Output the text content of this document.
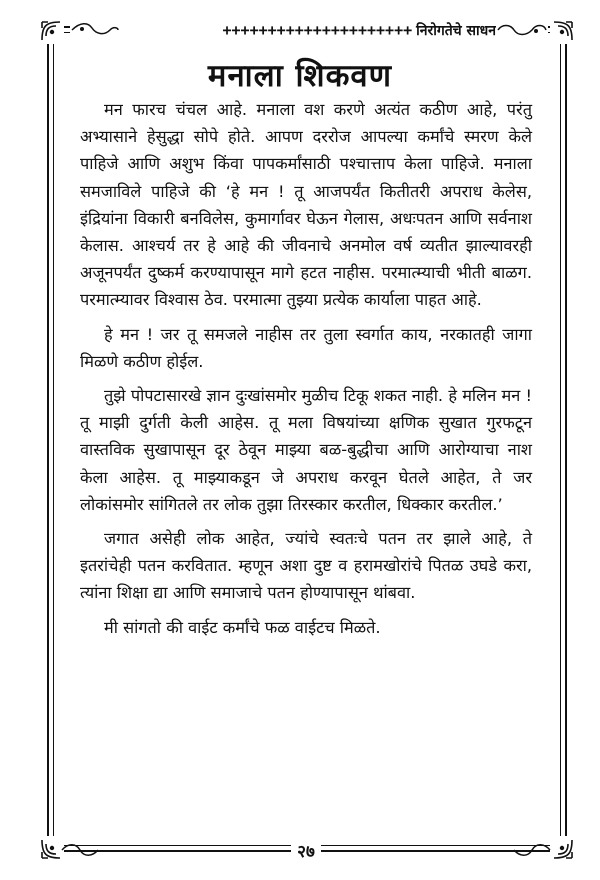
+++++++++++++++++++++ निरोगतेचे साधन
मनाला शिकवण

मन फारच चंचल आहे. मनाला वश करणे अत्यंत कठीण आहे, परंतु अभ्यासाने हेसुद्धा सोपे होते. आपण दररोज आपल्या कर्मांचे स्मरण केले पाहिजे आणि अशुभ किंवा पापकर्मांसाठी पश्चात्ताप केला पाहिजे. मनाला समजाविले पाहिजे की ‘हे मन ! तू आजपर्यंत कितीतरी अपराध केलेस, इंद्रियांना विकारी बनविलेस, कुमार्गावर घेऊन गेलास, अधःपतन आणि सर्वनाश केलास. आश्चर्य तर हे आहे की जीवनाचे अनमोल वर्ष व्यतीत झाल्यावरही अजूनपर्यंत दुष्कर्म करण्यापासून मागे हटत नाहीस. परमात्म्याची भीती बाळग. परमात्म्यावर विश्वास ठेव. परमात्मा तुझ्या प्रत्येक कार्याला पाहत आहे.

हे मन ! जर तू समजले नाहीस तर तुला स्वर्गात काय, नरकातही जागा मिळणे कठीण होईल.

तुझे पोपटासारखे ज्ञान दुःखांसमोर मुळीच टिकू शकत नाही. हे मलिन मन ! तू माझी दुर्गती केली आहेस. तू मला विषयांच्या क्षणिक सुखात गुरफटून वास्तविक सुखापासून दूर ठेवून माझ्या बळ-बुद्धीचा आणि आरोग्याचा नाश केला आहेस. तू माझ्याकडून जे अपराध करवून घेतले आहेत, ते जर लोकांसमोर सांगितले तर लोक तुझा तिरस्कार करतील, धिक्कार करतील.’

जगात असेही लोक आहेत, ज्यांचे स्वतःचे पतन तर झाले आहे, ते इतरांचेही पतन करवितात. म्हणून अशा दुष्ट व हरामखोरांचे पितळ उघडे करा, त्यांना शिक्षा द्या आणि समाजाचे पतन होण्यापासून थांबवा.

मी सांगतो की वाईट कर्मांचे फळ वाईटच मिळते.

२७
